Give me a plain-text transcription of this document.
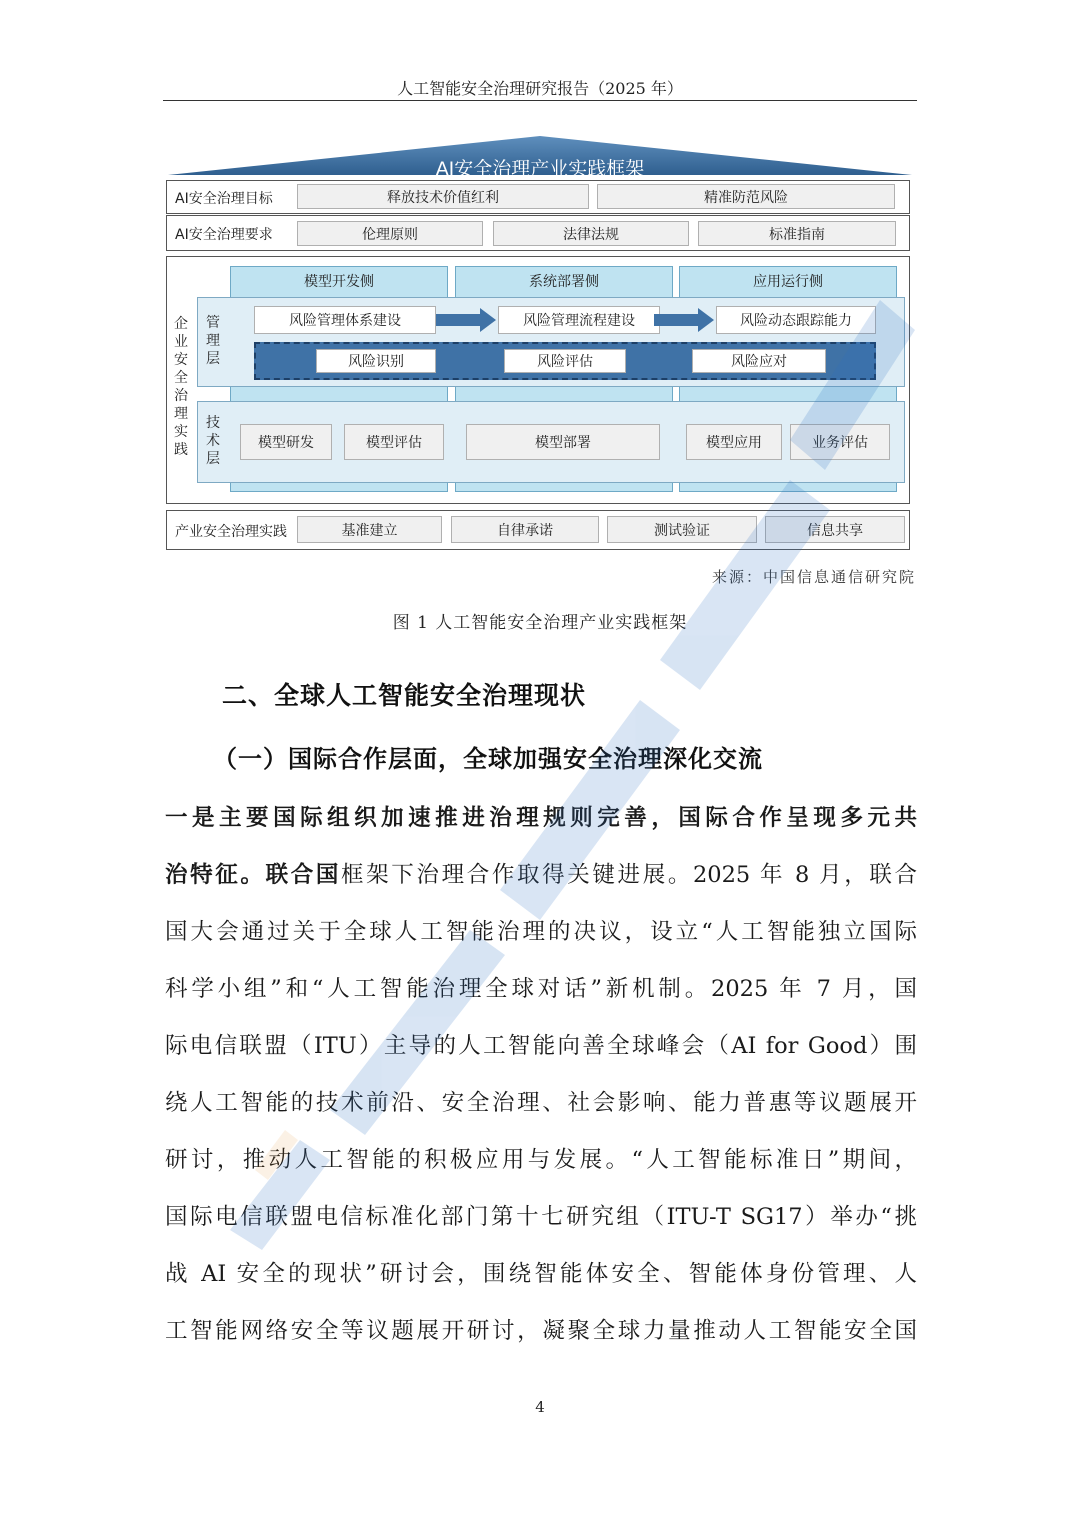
人工智能安全治理研究报告（2025 年）
AI安全治理产业实践框架
AI安全治理目标	释放技术价值红利	精准防范风险
AI安全治理要求	伦理原则	法律法规	标准指南
企业安全治理实践
模型开发侧	系统部署侧	应用运行侧
管理层
风险管理体系建设	风险管理流程建设	风险动态跟踪能力
风险识别	风险评估	风险应对
技术层
模型研发	模型评估	模型部署	模型应用	业务评估
产业安全治理实践	基准建立	自律承诺	测试验证	信息共享
来源：中国信息通信研究院
图 1 人工智能安全治理产业实践框架
二、全球人工智能安全治理现状
（一）国际合作层面，全球加强安全治理深化交流
一是主要国际组织加速推进治理规则完善，国际合作呈现多元共
治特征。联合国框架下治理合作取得关键进展。2025 年 8 月，联合
国大会通过关于全球人工智能治理的决议，设立“人工智能独立国际
科学小组”和“人工智能治理全球对话”新机制。2025 年 7 月，国
际电信联盟（ITU）主导的人工智能向善全球峰会（AI for Good）围
绕人工智能的技术前沿、安全治理、社会影响、能力普惠等议题展开
研讨，推动人工智能的积极应用与发展。“人工智能标准日”期间，
国际电信联盟电信标准化部门第十七研究组（ITU-T SG17）举办“挑
战 AI 安全的现状”研讨会，围绕智能体安全、智能体身份管理、人
工智能网络安全等议题展开研讨，凝聚全球力量推动人工智能安全国
4
